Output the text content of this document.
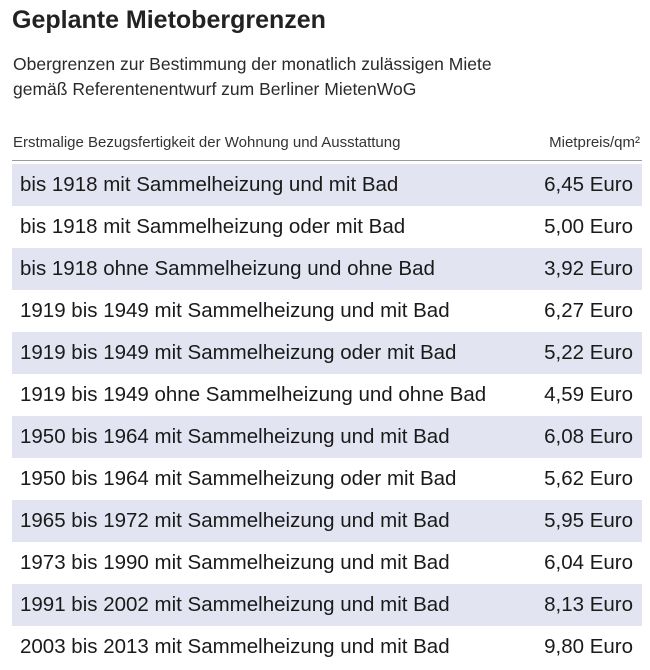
Geplante Mietobergrenzen
Obergrenzen zur Bestimmung der monatlich zulässigen Miete
gemäß Referentenentwurf zum Berliner MietenWoG
Erstmalige Bezugsfertigkeit der Wohnung und Ausstattung	Mietpreis/qm²
bis 1918 mit Sammelheizung und mit Bad	6,45 Euro
bis 1918 mit Sammelheizung oder mit Bad	5,00 Euro
bis 1918 ohne Sammelheizung und ohne Bad	3,92 Euro
1919 bis 1949 mit Sammelheizung und mit Bad	6,27 Euro
1919 bis 1949 mit Sammelheizung oder mit Bad	5,22 Euro
1919 bis 1949 ohne Sammelheizung und ohne Bad	4,59 Euro
1950 bis 1964 mit Sammelheizung und mit Bad	6,08 Euro
1950 bis 1964 mit Sammelheizung oder mit Bad	5,62 Euro
1965 bis 1972 mit Sammelheizung und mit Bad	5,95 Euro
1973 bis 1990 mit Sammelheizung und mit Bad	6,04 Euro
1991 bis 2002 mit Sammelheizung und mit Bad	8,13 Euro
2003 bis 2013 mit Sammelheizung und mit Bad	9,80 Euro
